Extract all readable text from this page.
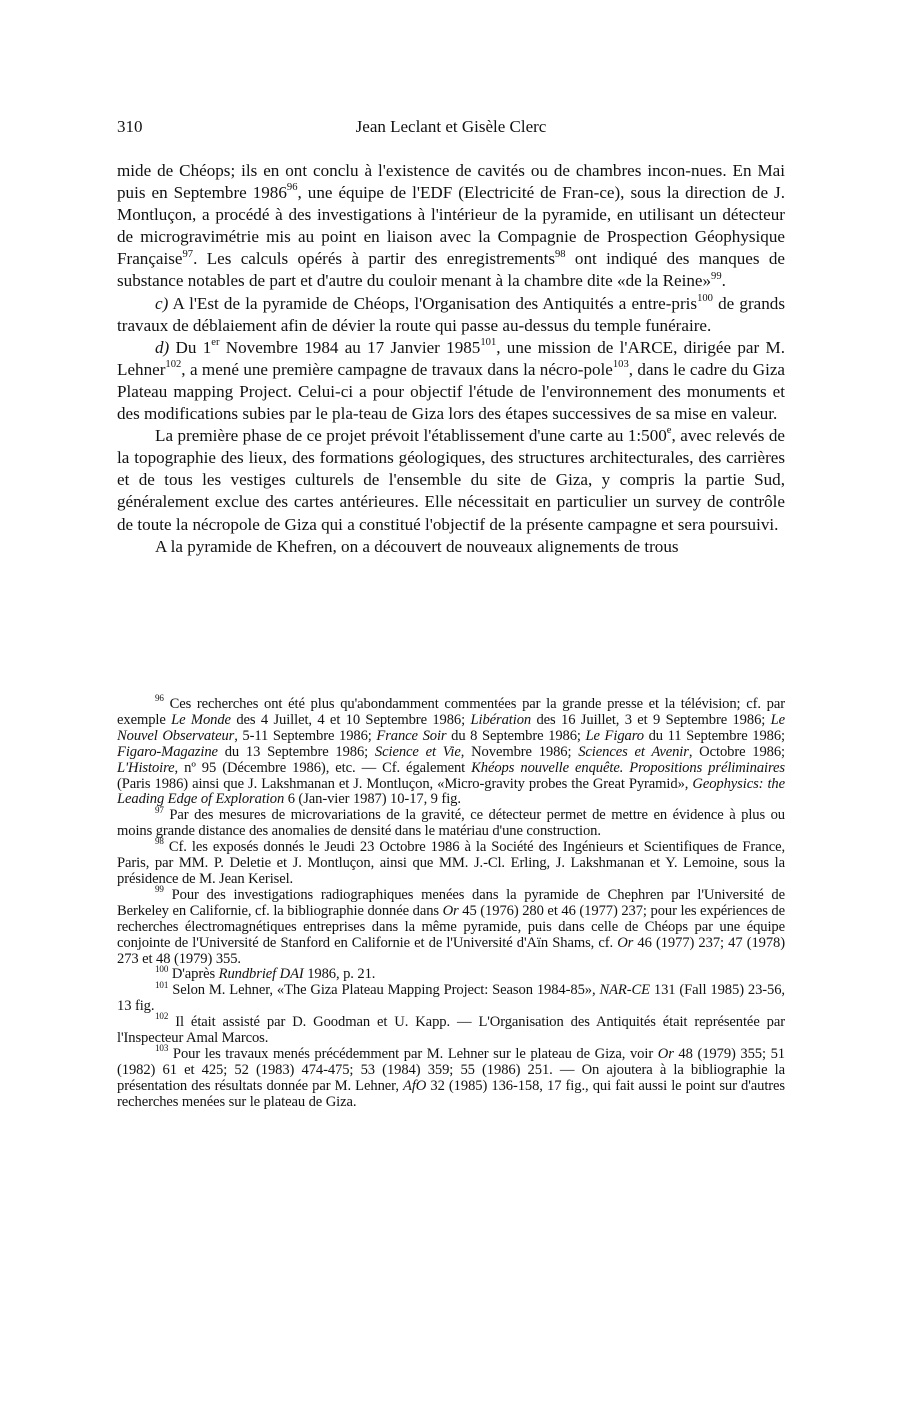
310	Jean Leclant et Gisèle Clerc

mide de Chéops; ils en ont conclu à l'existence de cavités ou de chambres incon-nues. En Mai puis en Septembre 1986$^{96}$, une équipe de l'EDF (Electricité de Fran-ce), sous la direction de J. Montluçon, a procédé à des investigations à l'intérieur de la pyramide, en utilisant un détecteur de microgravimétrie mis au point en liaison avec la Compagnie de Prospection Géophysique Française$^{97}$. Les calculs opérés à partir des enregistrements$^{98}$ ont indiqué des manques de substance notables de part et d'autre du couloir menant à la chambre dite «de la Reine»$^{99}$.

c) A l'Est de la pyramide de Chéops, l'Organisation des Antiquités a entre-pris$^{100}$ de grands travaux de déblaiement afin de dévier la route qui passe au-dessus du temple funéraire.

d) Du 1er Novembre 1984 au 17 Janvier 1985$^{101}$, une mission de l'ARCE, dirigée par M. Lehner$^{102}$, a mené une première campagne de travaux dans la nécro-pole$^{103}$, dans le cadre du Giza Plateau mapping Project. Celui-ci a pour objectif l'étude de l'environnement des monuments et des modifications subies par le pla-teau de Giza lors des étapes successives de sa mise en valeur.

La première phase de ce projet prévoit l'établissement d'une carte au 1:500e, avec relevés de la topographie des lieux, des formations géologiques, des structures architecturales, des carrières et de tous les vestiges culturels de l'ensemble du site de Giza, y compris la partie Sud, généralement exclue des cartes antérieures. Elle nécessitait en particulier un survey de contrôle de toute la nécropole de Giza qui a constitué l'objectif de la présente campagne et sera poursuivi.

A la pyramide de Khefren, on a découvert de nouveaux alignements de trous

$^{96}$ Ces recherches ont été plus qu'abondamment commentées par la grande presse et la télévision; cf. par exemple Le Monde des 4 Juillet, 4 et 10 Septembre 1986; Libération des 16 Juillet, 3 et 9 Septembre 1986; Le Nouvel Observateur, 5-11 Septembre 1986; France Soir du 8 Septembre 1986; Le Figaro du 11 Septembre 1986; Figaro-Magazine du 13 Septembre 1986; Science et Vie, Novembre 1986; Sciences et Avenir, Octobre 1986; L'Histoire, nº 95 (Décembre 1986), etc. — Cf. également Khéops nouvelle enquête. Propositions préliminaires (Paris 1986) ainsi que J. Lakshmanan et J. Montluçon, «Micro-gravity probes the Great Pyramid», Geophysics: the Leading Edge of Exploration 6 (Jan-vier 1987) 10-17, 9 fig.

$^{97}$ Par des mesures de microvariations de la gravité, ce détecteur permet de mettre en évidence à plus ou moins grande distance des anomalies de densité dans le matériau d'une construction.

$^{98}$ Cf. les exposés donnés le Jeudi 23 Octobre 1986 à la Société des Ingénieurs et Scientifiques de France, Paris, par MM. P. Deletie et J. Montluçon, ainsi que MM. J.-Cl. Erling, J. Lakshmanan et Y. Lemoine, sous la présidence de M. Jean Kerisel.

$^{99}$ Pour des investigations radiographiques menées dans la pyramide de Chephren par l'Université de Berkeley en Californie, cf. la bibliographie donnée dans Or 45 (1976) 280 et 46 (1977) 237; pour les expériences de recherches électromagnétiques entreprises dans la même pyramide, puis dans celle de Chéops par une équipe conjointe de l'Université de Stanford en Californie et de l'Université d'Aïn Shams, cf. Or 46 (1977) 237; 47 (1978) 273 et 48 (1979) 355.

$^{100}$ D'après Rundbrief DAI 1986, p. 21.

$^{101}$ Selon M. Lehner, «The Giza Plateau Mapping Project: Season 1984-85», NAR-CE 131 (Fall 1985) 23-56, 13 fig.

$^{102}$ Il était assisté par D. Goodman et U. Kapp. — L'Organisation des Antiquités était représentée par l'Inspecteur Amal Marcos.

$^{103}$ Pour les travaux menés précédemment par M. Lehner sur le plateau de Giza, voir Or 48 (1979) 355; 51 (1982) 61 et 425; 52 (1983) 474-475; 53 (1984) 359; 55 (1986) 251. — On ajoutera à la bibliographie la présentation des résultats donnée par M. Lehner, AfO 32 (1985) 136-158, 17 fig., qui fait aussi le point sur d'autres recherches menées sur le plateau de Giza.
